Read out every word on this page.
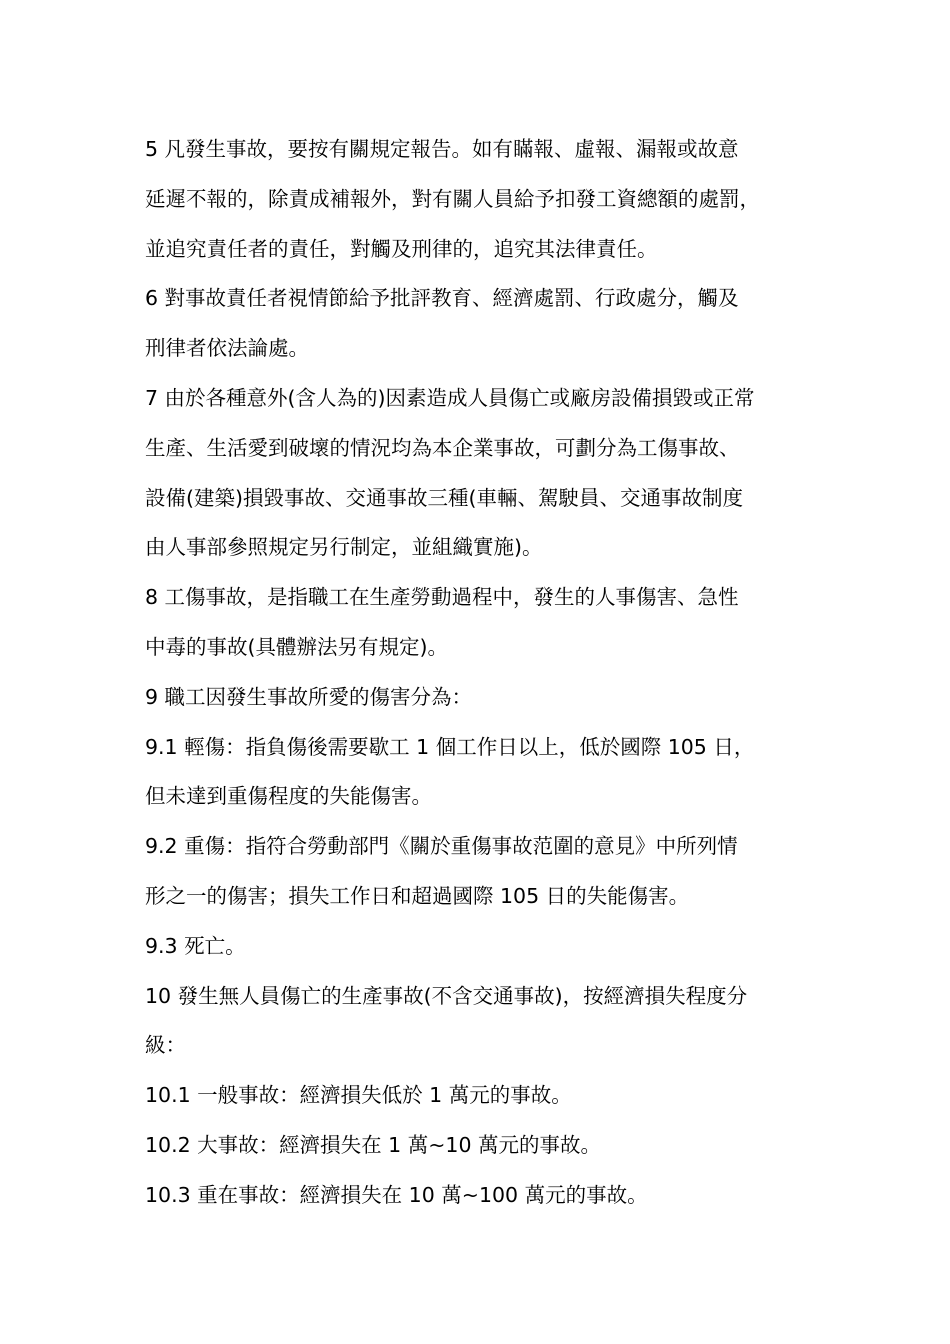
5 凡發生事故，要按有關規定報告。如有瞞報、虛報、漏報或故意
延遲不報的，除責成補報外，對有關人員給予扣發工資總額的處罰，
並追究責任者的責任，對觸及刑律的，追究其法律責任。
6 對事故責任者視情節給予批評教育、經濟處罰、行政處分，觸及
刑律者依法論處。
7 由於各種意外(含人為的)因素造成人員傷亡或廠房設備損毀或正常
生產、生活愛到破壞的情況均為本企業事故，可劃分為工傷事故、
設備(建築)損毀事故、交通事故三種(車輛、駕駛員、交通事故制度
由人事部參照規定另行制定，並組織實施)。
8 工傷事故，是指職工在生產勞動過程中，發生的人事傷害、急性
中毒的事故(具體辦法另有規定)。
9 職工因發生事故所愛的傷害分為：
9.1 輕傷：指負傷後需要歇工 1 個工作日以上，低於國際 105 日，
但未達到重傷程度的失能傷害。
9.2 重傷：指符合勞動部門《關於重傷事故范圍的意見》中所列情
形之一的傷害；損失工作日和超過國際 105 日的失能傷害。
9.3 死亡。
10 發生無人員傷亡的生產事故(不含交通事故)，按經濟損失程度分
級：
10.1 一般事故：經濟損失低於 1 萬元的事故。
10.2 大事故：經濟損失在 1 萬~10 萬元的事故。
10.3 重在事故：經濟損失在 10 萬~100 萬元的事故。
